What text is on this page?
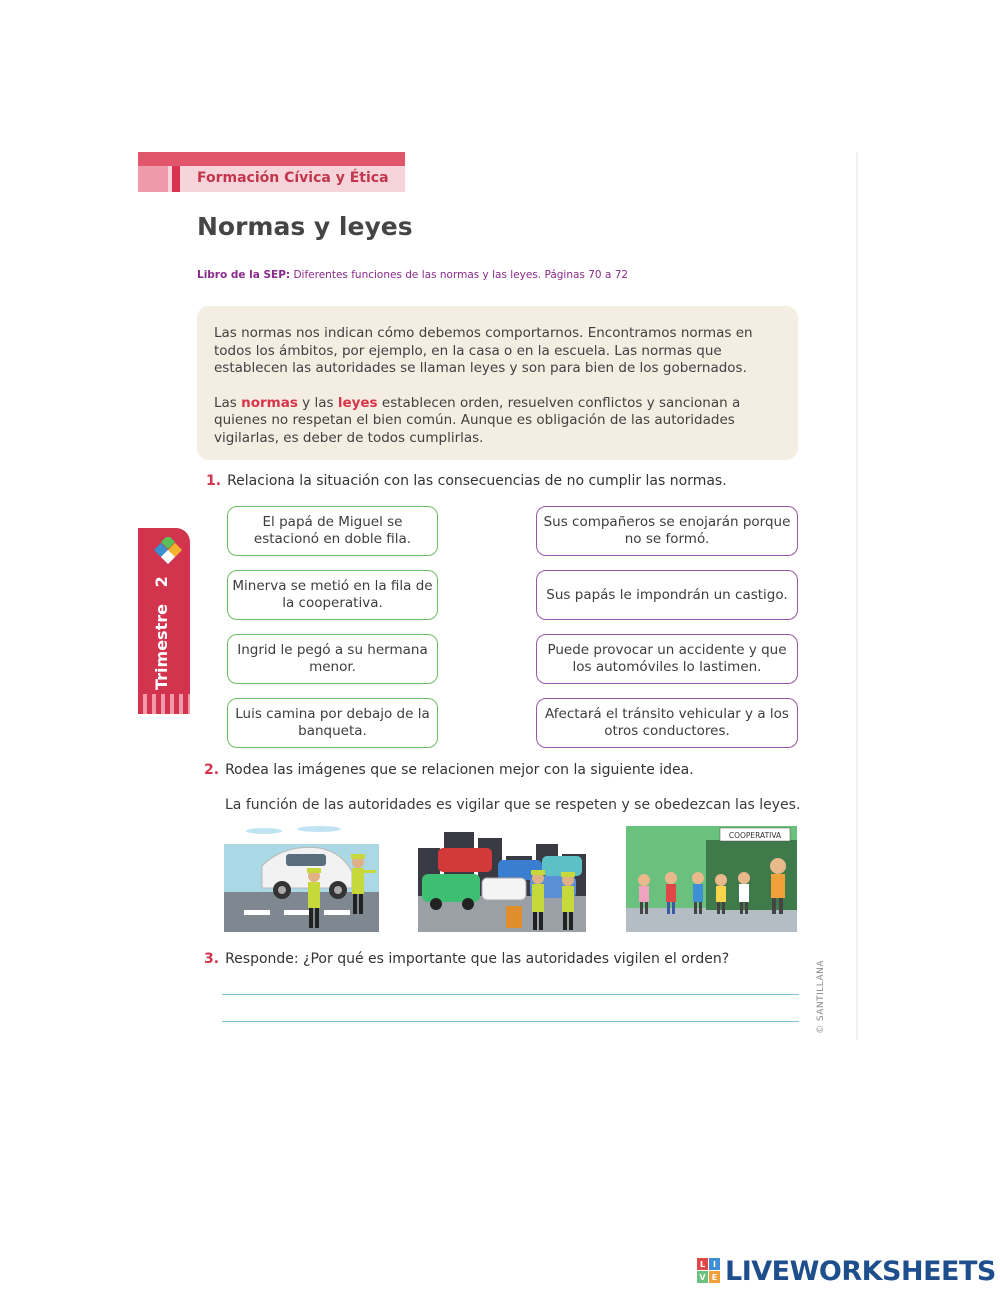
Formación Cívica y Ética
Normas y leyes
Libro de la SEP: Diferentes funciones de las normas y las leyes. Páginas 70 a 72

Las normas nos indican cómo debemos comportarnos. Encontramos normas en todos los ámbitos, por ejemplo, en la casa o en la escuela. Las normas que establecen las autoridades se llaman leyes y son para bien de los gobernados.

Las normas y las leyes establecen orden, resuelven conflictos y sancionan a quienes no respetan el bien común. Aunque es obligación de las autoridades vigilarlas, es deber de todos cumplirlas.

1. Relaciona la situación con las consecuencias de no cumplir las normas.
El papá de Miguel se estacionó en doble fila.
Minerva se metió en la fila de la cooperativa.
Ingrid le pegó a su hermana menor.
Luis camina por debajo de la banqueta.
Sus compañeros se enojarán porque no se formó.
Sus papás le impondrán un castigo.
Puede provocar un accidente y que los automóviles lo lastimen.
Afectará el tránsito vehicular y a los otros conductores.
Trimestre   2
2. Rodea las imágenes que se relacionen mejor con la siguiente idea.
La función de las autoridades es vigilar que se respeten y se obedezcan las leyes.
COOPERATIVA
3. Responde: ¿Por qué es importante que las autoridades vigilen el orden?
© SANTILLANA
L I
V E LIVEWORKSHEETS
